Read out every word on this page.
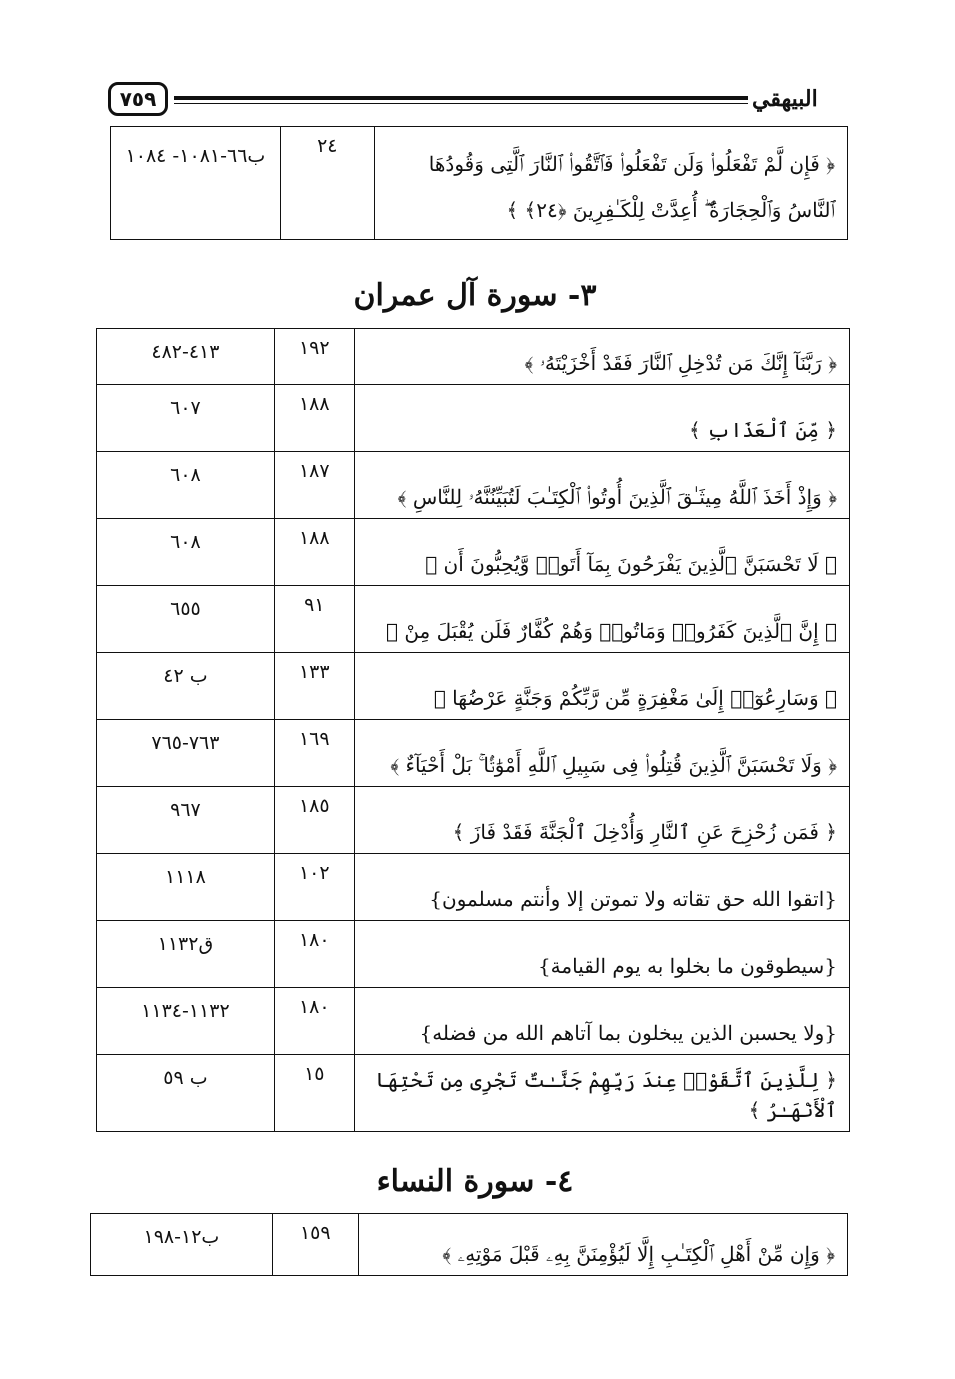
٧٥٩	البيهقي
﴿ فَإِن لَّمْ تَفْعَلُوا۟ وَلَن تَفْعَلُوا۟ فَٱتَّقُوا۟ ٱلنَّارَ ٱلَّتِى وَقُودُهَا ٱلنَّاسُ وَٱلْحِجَارَةُ ۖ أُعِدَّتْ لِلْكَـٰفِرِينَ ﴿٢٤﴾ ﴾	٢٤	ب٦٦-١٠٨١- ١٠٨٤
٣- سورة آل عمران
﴿ رَبَّنَآ إِنَّكَ مَن تُدْخِلِ ٱلنَّارَ فَقَدْ أَخْزَيْتَهُۥ ﴾	١٩٢	٤١٣-٤٨٢
﴿ مِّنَ ٱلْعَذَابِ ﴾	١٨٨	٦٠٧
﴿ وَإِذْ أَخَذَ ٱللَّهُ مِيثَـٰقَ ٱلَّذِينَ أُوتُوا۟ ٱلْكِتَـٰبَ لَتُبَيِّنُنَّهُۥ لِلنَّاسِ ﴾	١٨٧	٦٠٨
﴿ لَا تَحْسَبَنَّ ٱلَّذِينَ يَفْرَحُونَ بِمَآ أَتَوا۟ وَّيُحِبُّونَ أَن ﴾	١٨٨	٦٠٨
﴿ إِنَّ ٱلَّذِينَ كَفَرُوا۟ وَمَاتُوا۟ وَهُمْ كُفَّارٌ فَلَن يُقْبَلَ مِنْ ﴾	٩١	٦٥٥
﴿ وَسَارِعُوٓا۟ إِلَىٰ مَغْفِرَةٍ مِّن رَّبِّكُمْ وَجَنَّةٍ عَرْضُهَا ﴾	١٣٣	ب ٤٢
﴿ وَلَا تَحْسَبَنَّ ٱلَّذِينَ قُتِلُوا۟ فِى سَبِيلِ ٱللَّهِ أَمْوَٰتًۢا ۚ بَلْ أَحْيَآءٌ ﴾	١٦٩	٧٦٣-٧٦٥
﴿ فَمَن زُحْزِحَ عَنِ ٱلنَّارِ وَأُدْخِلَ ٱلْجَنَّةَ فَقَدْ فَازَ ﴾	١٨٥	٩٦٧
{اتقوا الله حق تقاته ولا تموتن إلا وأنتم مسلمون}	١٠٢	١١١٨
{سيطوقون ما بخلوا به يوم القيامة}	١٨٠	ق١١٣٢
{ولا يحسبن الذين يبخلون بما آتاهم الله من فضله}	١٨٠	١١٣٢-١١٣٤
﴿ لِلَّذِينَ ٱتَّقَوْا۟ عِندَ رَبِّهِمْ جَنَّـٰتٌ تَجْرِى مِن تَحْتِهَا ٱلْأَنْهَـٰرُ ﴾	١٥	ب ٥٩
٤- سورة النساء
﴿ وَإِن مِّنْ أَهْلِ ٱلْكِتَـٰبِ إِلَّا لَيُؤْمِنَنَّ بِهِۦ قَبْلَ مَوْتِهِۦ ﴾	١٥٩	ب١٢-١٩٨
